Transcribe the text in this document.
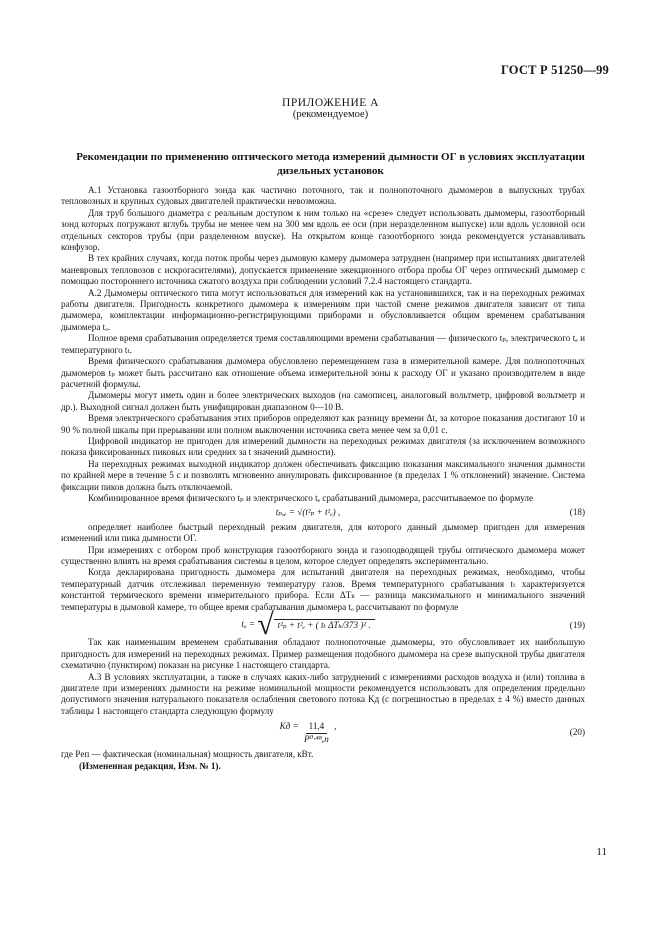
ГОСТ Р 51250—99
ПРИЛОЖЕНИЕ А
(рекомендуемое)
Рекомендации по применению оптического метода измерений дымности ОГ в условиях эксплуатации дизельных установок

А.1 Установка газоотборного зонда как частично поточного, так и полнопоточного дымомеров в выпускных трубах тепловозных и крупных судовых двигателей практически невозможна.

Для труб большого диаметра с реальным доступом к ним только на «срезе» следует использовать дымомеры, газоотборный зонд которых погружают вглубь трубы не менее чем на 300 мм вдоль ее оси (при неразделенном выпуске) или вдоль условной оси отдельных секторов трубы (при разделенном впуске). На открытом конце газоотборного зонда рекомендуется устанавливать конфузор.

В тех крайних случаях, когда поток пробы через дымовую камеру дымомера затруднен (например при испытаниях двигателей маневровых тепловозов с искрогасителями), допускается применение эжекционного отбора пробы ОГ через оптический дымомер с помощью постороннего источника сжатого воздуха при соблюдении условий 7.2.4 настоящего стандарта.

А.2 Дымомеры оптического типа могут использоваться для измерений как на установившихся, так и на переходных режимах работы двигателя. Пригодность конкретного дымомера к измерениям при частой смене режимов двигателя зависит от типа дымомера, комплектации информационно-регистрирующими приборами и обусловливается общим временем срабатывания дымомера tₒ.

Полное время срабатывания определяется тремя составляющими времени срабатывания — физического tₚ, электрического tₑ и температурного tₜ.

Время физического срабатывания дымомера обусловлено перемещением газа в измерительной камере. Для полнопоточных дымомеров tₚ может быть рассчитано как отношение объема измерительной зоны к расходу ОГ и указано производителем в виде расчетной формулы.

Дымомеры могут иметь один и более электрических выходов (на самописец, аналоговый вольтметр, цифровой вольтметр и др.). Выходной сигнал должен быть унифицирован диапазоном 0—10 В.

Время электрического срабатывания этих приборов определяют как разницу времени Δt, за которое показания достигают 10 и 90 % полной шкалы при прерывании или полном выключении источника света менее чем за 0,01 с.

Цифровой индикатор не пригоден для измерений дымности на переходных режимах двигателя (за исключением возможного показа фиксированных пиковых или средних за t значений дымности).

На переходных режимах выходной индикатор должен обеспечивать фиксацию показания максимального значения дымности по крайней мере в течение 5 с и позволять мгновенно аннулировать фиксированное (в пределах 1 % отклонений) значение. Система фиксации пиков должна быть отключаемой.

Комбинированное время физического tₚ и электрического tₑ срабатываний дымомера, рассчитываемое по формуле

tₚ,ₑ =
√(t²ₚ + t²ₑ) ,	(18)

определяет наиболее быстрый переходный режим двигателя, для которого данный дымомер пригоден для измерения изменений или пика дымности ОГ.

При измерениях с отбором проб конструкция газоотборного зонда и газоподводящей трубы оптического дымомера может существенно влиять на время срабатывания системы в целом, которое следует определять экспериментально.

Когда декларирована пригодность дымомера для испытаний двигателя на переходных режимах, необходимо, чтобы температурный датчик отслеживал переменную температуру газов. Время температурного срабатывания tₜ характеризуется константой термического времени измерительного прибора. Если ΔTₖ — разница максимального и минимального значений температуры в дымовой камере, то общее время срабатывания дымомера tₒ рассчитывают по формуле

tₒ =
√ t²ₚ + t²ₑ + ( tₜ ΔTₖ/373 )² .	(19)

Так как наименьшим временем срабатывания обладают полнопоточные дымомеры, это обусловливает их наибольшую пригодность для измерений на переходных режимах. Пример размещения подобного дымомера на срезе выпускной трубы двигателя схематично (пунктиром) показан на рисунке 1 настоящего стандарта.

А.3 В условиях эксплуатации, а также в случаях каких-либо затруднений с измерениями расходов воздуха и (или) топлива в двигателе при измерениях дымности на режиме номинальной мощности рекомендуется использовать для определения предельно допустимого значения натурального показателя ослабления светового потока Kд (с погрешностью в пределах ± 4 %) вместо данных таблицы 1 настоящего стандарта следующую формулу

Kд =
$\frac{11,4}{\text{P⁰·⁴⁸ₑп}}$ ,
(20)

где Pеп — фактическая (номинальная) мощность двигателя, кВт.

(Измененная редакция, Изм. № 1).

11
